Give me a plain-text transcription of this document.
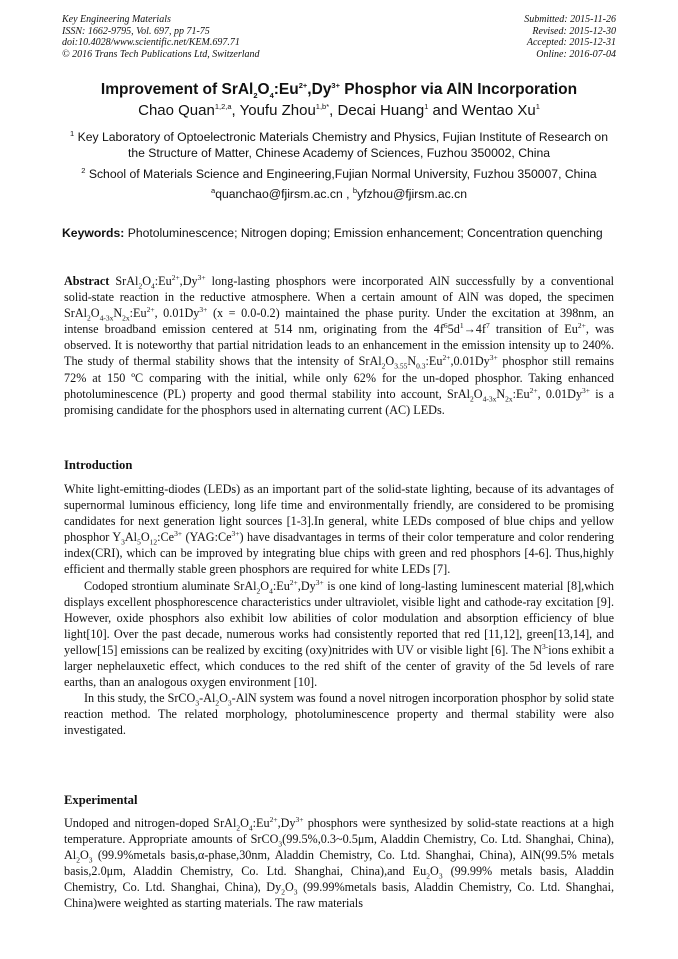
Key Engineering Materials
ISSN: 1662-9795, Vol. 697, pp 71-75
doi:10.4028/www.scientific.net/KEM.697.71
© 2016 Trans Tech Publications Ltd, Switzerland
Submitted: 2015-11-26
Revised: 2015-12-30
Accepted: 2015-12-31
Online: 2016-07-04
Improvement of $SrAl_2O_4:Eu^{2+},Dy^{3+}$ Phosphor via AlN Incorporation
Chao Quan$^{1,2,a}$, Youfu Zhou$^{1,b*}$, Decai Huang$^1$ and Wentao Xu$^1$
$^1$ Key Laboratory of Optoelectronic Materials Chemistry and Physics, Fujian Institute of Research on the Structure of Matter, Chinese Academy of Sciences, Fuzhou 350002, China
$^2$ School of Materials Science and Engineering,Fujian Normal University, Fuzhou 350007, China
$^a$quanchao@fjirsm.ac.cn , $^b$yfzhou@fjirsm.ac.cn
Keywords: Photoluminescence; Nitrogen doping; Emission enhancement; Concentration quenching
Abstract $SrAl_2O_4:Eu^{2+},Dy^{3+}$ long-lasting phosphors were incorporated AlN successfully by a conventional solid-state reaction in the reductive atmosphere. When a certain amount of AlN was doped, the specimen $SrAl_2O_{4-3x}N_{2x}:Eu^{2+}$, $0.01Dy^{3+}$ (x = 0.0-0.2) maintained the phase purity. Under the excitation at 398nm, an intense broadband emission centered at 514 nm, originating from the $4f^65d^1\to 4f^7$ transition of $Eu^{2+}$, was observed. It is noteworthy that partial nitridation leads to an enhancement in the emission intensity up to 240%. The study of thermal stability shows that the intensity of $SrAl_2O_{3.55}N_{0.3}:Eu^{2+},0.01Dy^{3+}$ phosphor still remains 72% at 150 ºC comparing with the initial, while only 62% for the un-doped phosphor. Taking enhanced photoluminescence (PL) property and good thermal stability into account, $SrAl_2O_{4-3x}N_{2x}:Eu^{2+}$, $0.01Dy^{3+}$ is a promising candidate for the phosphors used in alternating current (AC) LEDs.
Introduction
White light-emitting-diodes (LEDs) as an important part of the solid-state lighting, because of its advantages of supernormal luminous efficiency, long life time and environmentally friendly, are considered to be promising candidates for next generation light sources [1-3].In general, white LEDs composed of blue chips and yellow phosphor $Y_3Al_5O_{12}:Ce^{3+}$ $(YAG:Ce^{3+})$ have disadvantages in terms of their color temperature and color rendering index(CRI), which can be improved by integrating blue chips with green and red phosphors [4-6]. Thus,highly efficient and thermally stable green phosphors are required for white LEDs [7].
Codoped strontium aluminate $SrAl_2O_4:Eu^{2+},Dy^{3+}$ is one kind of long-lasting luminescent material [8],which displays excellent phosphorescence characteristics under ultraviolet, visible light and cathode-ray excitation [9]. However, oxide phosphors also exhibit low abilities of color modulation and absorption efficiency of blue light[10]. Over the past decade, numerous works had consistently reported that red [11,12], green[13,14], and yellow[15] emissions can be realized by exciting (oxy)nitrides with UV or visible light [6]. The $N^{3-}ions$ exhibit a larger nephelauxetic effect, which conduces to the red shift of the center of gravity of the 5d levels of rare earths, than an analogous oxygen environment [10].
In this study, the $SrCO_3-Al_2O_3$-AlN system was found a novel nitrogen incorporation phosphor by solid state reaction method. The related morphology, photoluminescence property and thermal stability were also investigated.
Experimental
Undoped and nitrogen-doped $SrAl_2O_4:Eu^{2+},Dy^{3+}$ phosphors were synthesized by solid-state reactions at a high temperature. Appropriate amounts of SrCO$_3$(99.5%,0.3~0.5μm, Aladdin Chemistry, Co. Ltd. Shanghai, China), $Al_2O_3$ (99.9%metals basis,α-phase,30nm, Aladdin Chemistry, Co. Ltd. Shanghai, China), AlN(99.5% metals basis,2.0μm, Aladdin Chemistry, Co. Ltd. Shanghai, China),and $Eu_2O_3$ (99.99% metals basis, Aladdin Chemistry, Co. Ltd. Shanghai, China), $Dy_2O_3$ (99.99%metals basis, Aladdin Chemistry, Co. Ltd. Shanghai, China)were weighted as starting materials. The raw materials
